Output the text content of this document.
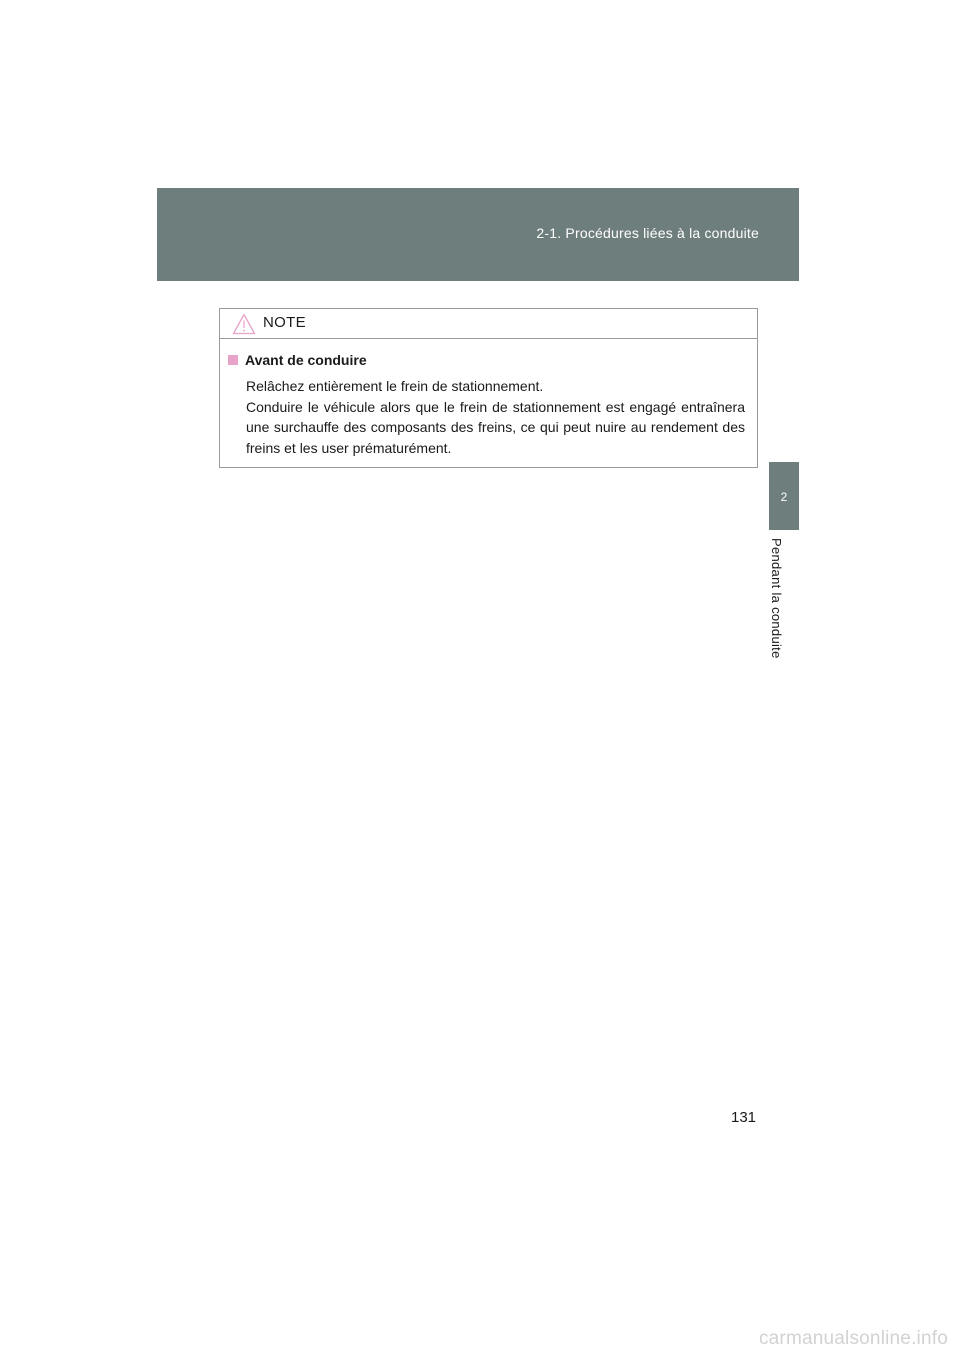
2-1. Procédures liées à la conduite
2
Pendant la conduite
NOTE
Avant de conduire
Relâchez entièrement le frein de stationnement.
Conduire le véhicule alors que le frein de stationnement est engagé entraînera une surchauffe des composants des freins, ce qui peut nuire au rendement des freins et les user prématurément.
131
carmanualsonline.info
